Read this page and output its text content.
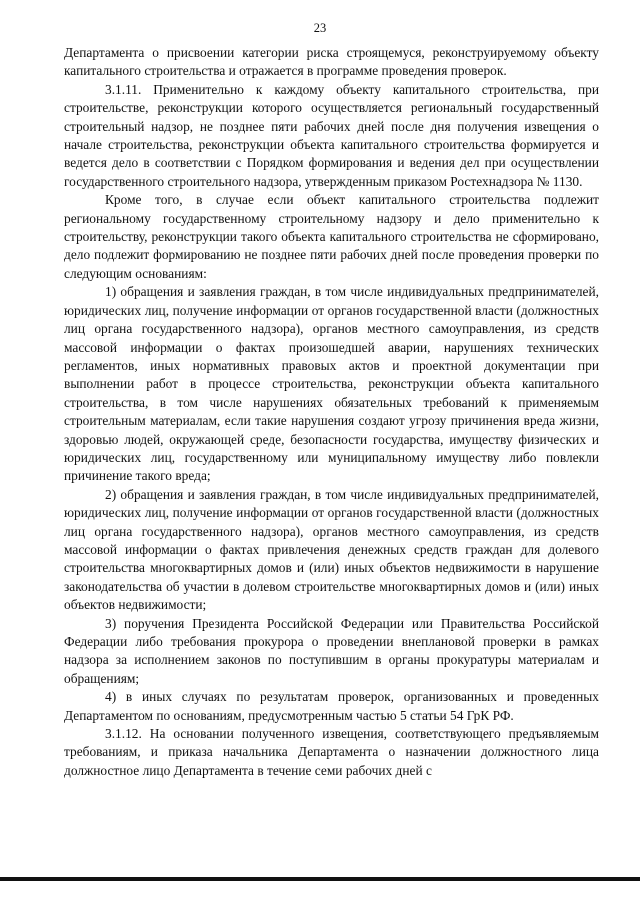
23

Департамента о присвоении категории риска строящемуся, реконструируемому объекту капитального строительства и отражается в программе проведения проверок.

3.1.11. Применительно к каждому объекту капитального строительства, при строительстве, реконструкции которого осуществляется региональный государственный строительный надзор, не позднее пяти рабочих дней после дня получения извещения о начале строительства, реконструкции объекта капитального строительства формируется и ведется дело в соответствии с Порядком формирования и ведения дел при осуществлении государственного строительного надзора, утвержденным приказом Ростехнадзора № 1130.

Кроме того, в случае если объект капитального строительства подлежит региональному государственному строительному надзору и дело применительно к строительству, реконструкции такого объекта капитального строительства не сформировано, дело подлежит формированию не позднее пяти рабочих дней после проведения проверки по следующим основаниям:

1) обращения и заявления граждан, в том числе индивидуальных предпринимателей, юридических лиц, получение информации от органов государственной власти (должностных лиц органа государственного надзора), органов местного самоуправления, из средств массовой информации о фактах произошедшей аварии, нарушениях технических регламентов, иных нормативных правовых актов и проектной документации при выполнении работ в процессе строительства, реконструкции объекта капитального строительства, в том числе нарушениях обязательных требований к применяемым строительным материалам, если такие нарушения создают угрозу причинения вреда жизни, здоровью людей, окружающей среде, безопасности государства, имуществу физических и юридических лиц, государственному или муниципальному имуществу либо повлекли причинение такого вреда;

2) обращения и заявления граждан, в том числе индивидуальных предпринимателей, юридических лиц, получение информации от органов государственной власти (должностных лиц органа государственного надзора), органов местного самоуправления, из средств массовой информации о фактах привлечения денежных средств граждан для долевого строительства многоквартирных домов и (или) иных объектов недвижимости в нарушение законодательства об участии в долевом строительстве многоквартирных домов и (или) иных объектов недвижимости;

3) поручения Президента Российской Федерации или Правительства Российской Федерации либо требования прокурора о проведении внеплановой проверки в рамках надзора за исполнением законов по поступившим в органы прокуратуры материалам и обращениям;

4) в иных случаях по результатам проверок, организованных и проведенных Департаментом по основаниям, предусмотренным частью 5 статьи 54 ГрК РФ.

3.1.12. На основании полученного извещения, соответствующего предъявляемым требованиям, и приказа начальника Департамента о назначении должностного лица должностное лицо Департамента в течение семи рабочих дней с
